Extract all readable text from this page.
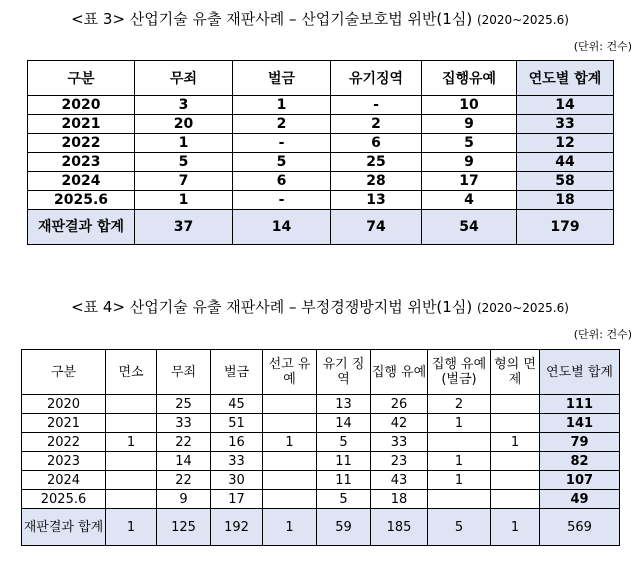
<표 3> 산업기술 유출 재판사례 – 산업기술보호법 위반(1심) (2020~2025.6)
(단위: 건수)
구분	무죄	벌금	유기징역	집행유예	연도별 합계
2020	3	1	-	10	14
2021	20	2	2	9	33
2022	1	-	6	5	12
2023	5	5	25	9	44
2024	7	6	28	17	58
2025.6	1	-	13	4	18
재판결과 합계	37	14	74	54	179
<표 4> 산업기술 유출 재판사례 – 부정경쟁방지법 위반(1심) (2020~2025.6)
(단위: 건수)
구분	면소	무죄	벌금	선고 유예	유기 징역	집행 유예	집행 유예 (벌금)	형의 면제	연도별 합계
2020		25	45		13	26	2		111
2021		33	51		14	42	1		141
2022	1	22	16	1	5	33		1	79
2023		14	33		11	23	1		82
2024		22	30		11	43	1		107
2025.6		9	17		5	18			49
재판결과 합계	1	125	192	1	59	185	5	1	569
